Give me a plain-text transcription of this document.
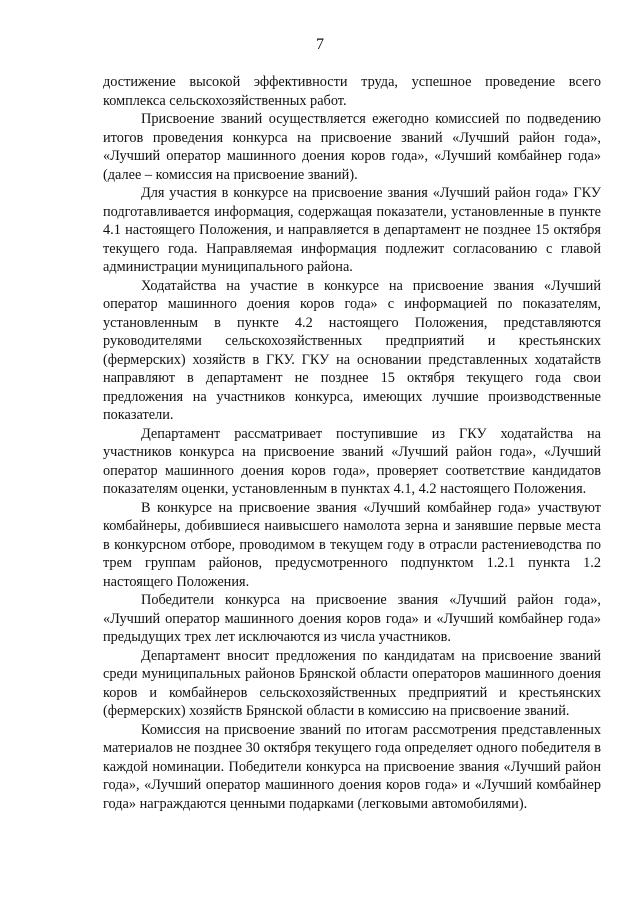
7

достижение высокой эффективности труда, успешное проведение всего комплекса сельскохозяйственных работ.

Присвоение званий осуществляется ежегодно комиссией по подведению итогов проведения конкурса на присвоение званий «Лучший район года», «Лучший оператор машинного доения коров года», «Лучший комбайнер года» (далее – комиссия на присвоение званий).

Для участия в конкурсе на присвоение звания «Лучший район года» ГКУ подготавливается информация, содержащая показатели, установленные в пункте 4.1 настоящего Положения, и направляется в департамент не позднее 15 октября текущего года. Направляемая информация подлежит согласованию с главой администрации муниципального района.

Ходатайства на участие в конкурсе на присвоение звания «Лучший оператор машинного доения коров года» с информацией по показателям, установленным в пункте 4.2 настоящего Положения, представляются руководителями сельскохозяйственных предприятий и крестьянских (фермерских) хозяйств в ГКУ. ГКУ на основании представленных ходатайств направляют в департамент не позднее 15 октября текущего года свои предложения на участников конкурса, имеющих лучшие производственные показатели.

Департамент рассматривает поступившие из ГКУ ходатайства на участников конкурса на присвоение званий «Лучший район года», «Лучший оператор машинного доения коров года», проверяет соответствие кандидатов показателям оценки, установленным в пунктах 4.1, 4.2 настоящего Положения.

В конкурсе на присвоение звания «Лучший комбайнер года» участвуют комбайнеры, добившиеся наивысшего намолота зерна и занявшие первые места в конкурсном отборе, проводимом в текущем году в отрасли растениеводства по трем группам районов, предусмотренного подпунктом 1.2.1 пункта 1.2 настоящего Положения.

Победители конкурса на присвоение звания «Лучший район года», «Лучший оператор машинного доения коров года» и «Лучший комбайнер года» предыдущих трех лет исключаются из числа участников.

Департамент вносит предложения по кандидатам на присвоение званий среди муниципальных районов Брянской области операторов машинного доения коров и комбайнеров сельскохозяйственных предприятий и крестьянских (фермерских) хозяйств Брянской области в комиссию на присвоение званий.

Комиссия на присвоение званий по итогам рассмотрения представленных материалов не позднее 30 октября текущего года определяет одного победителя в каждой номинации. Победители конкурса на присвоение звания «Лучший район года», «Лучший оператор машинного доения коров года» и «Лучший комбайнер года» награждаются ценными подарками (легковыми автомобилями).
